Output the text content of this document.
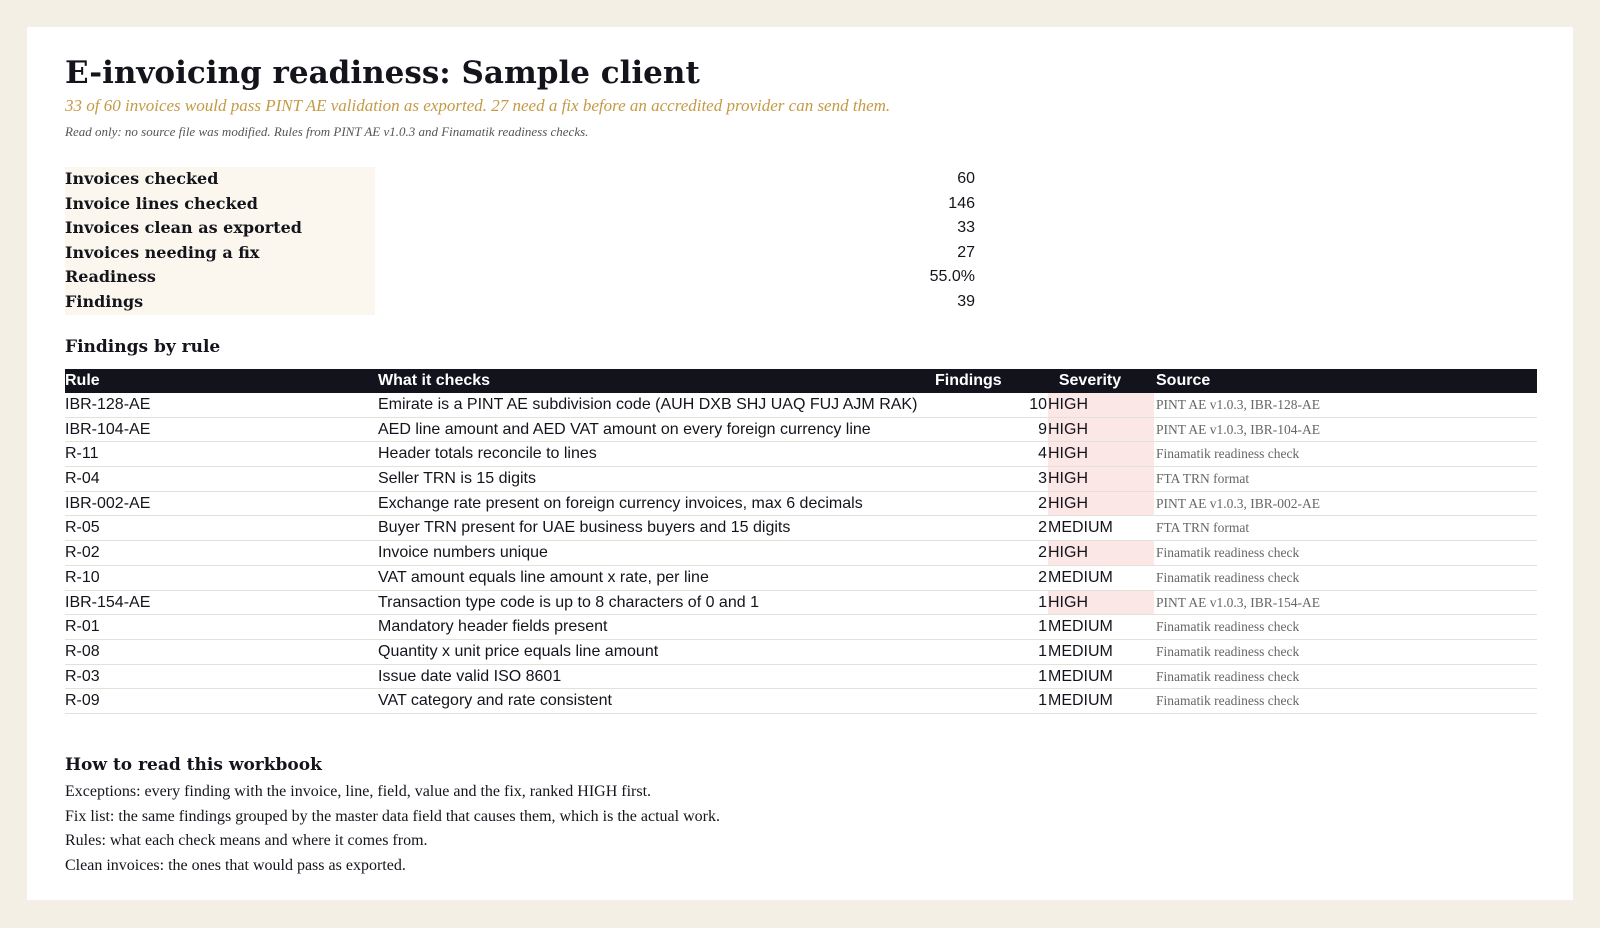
E-invoicing readiness: Sample client
33 of 60 invoices would pass PINT AE validation as exported. 27 need a fix before an accredited provider can send them.
Read only: no source file was modified. Rules from PINT AE v1.0.3 and Finamatik readiness checks.
Invoices checked	60
Invoice lines checked	146
Invoices clean as exported	33
Invoices needing a fix	27
Readiness	55.0%
Findings	39
Findings by rule
Rule	What it checks	Findings	Severity	Source
IBR-128-AE	Emirate is a PINT AE subdivision code (AUH DXB SHJ UAQ FUJ AJM RAK)	10 HIGH	PINT AE v1.0.3, IBR-128-AE
IBR-104-AE	AED line amount and AED VAT amount on every foreign currency line	9 HIGH	PINT AE v1.0.3, IBR-104-AE
R-11	Header totals reconcile to lines	4 HIGH	Finamatik readiness check
R-04	Seller TRN is 15 digits	3 HIGH	FTA TRN format
IBR-002-AE	Exchange rate present on foreign currency invoices, max 6 decimals	2 HIGH	PINT AE v1.0.3, IBR-002-AE
R-05	Buyer TRN present for UAE business buyers and 15 digits	2 MEDIUM	FTA TRN format
R-02	Invoice numbers unique	2 HIGH	Finamatik readiness check
R-10	VAT amount equals line amount x rate, per line	2 MEDIUM	Finamatik readiness check
IBR-154-AE	Transaction type code is up to 8 characters of 0 and 1	1 HIGH	PINT AE v1.0.3, IBR-154-AE
R-01	Mandatory header fields present	1 MEDIUM	Finamatik readiness check
R-08	Quantity x unit price equals line amount	1 MEDIUM	Finamatik readiness check
R-03	Issue date valid ISO 8601	1 MEDIUM	Finamatik readiness check
R-09	VAT category and rate consistent	1 MEDIUM	Finamatik readiness check
How to read this workbook
Exceptions: every finding with the invoice, line, field, value and the fix, ranked HIGH first.
Fix list: the same findings grouped by the master data field that causes them, which is the actual work.
Rules: what each check means and where it comes from.
Clean invoices: the ones that would pass as exported.
